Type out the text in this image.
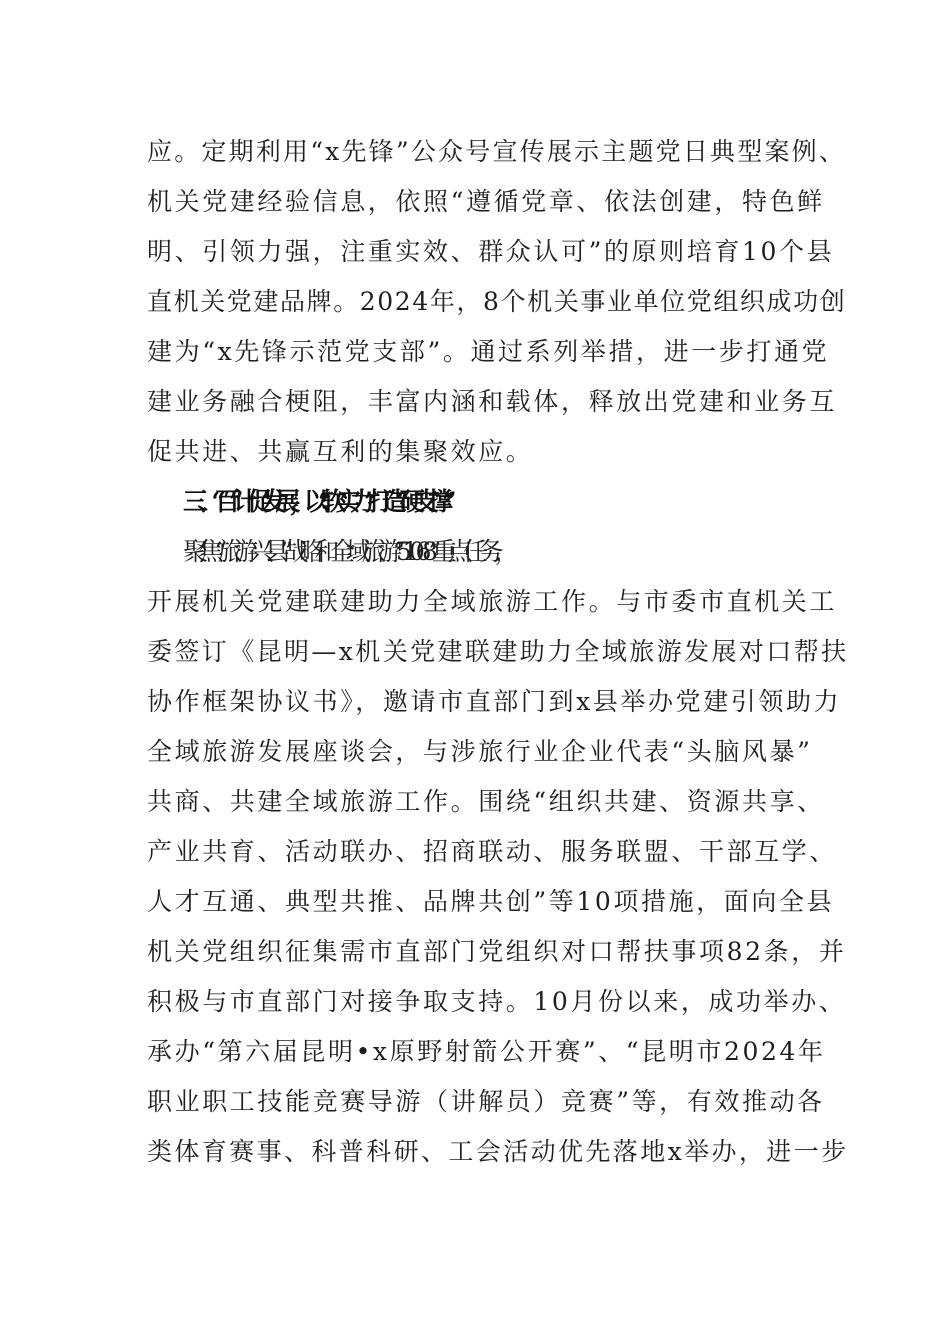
应。定期利用“x先锋”公众号宣传展示主题党日典型案例、
机关党建经验信息，依照“遵循党章、依法创建，特色鲜
明、引领力强，注重实效、群众认可”的原则培育10个县
直机关党建品牌。2024年，8个机关事业单位党组织成功创
建为“x先锋示范党支部”。通过系列举措，进一步打通党
建业务融合梗阻，丰富内涵和载体，释放出党建和业务互
促共进、共赢互利的集聚效应。
三、“百”计促发展，以“软实力”打造“硬支撑”
聚焦“旅游兴县”战略和全域旅游“51068”重点任务，
开展机关党建联建助力全域旅游工作。与市委市直机关工
委签订《昆明—x机关党建联建助力全域旅游发展对口帮扶
协作框架协议书》，邀请市直部门到x县举办党建引领助力
全域旅游发展座谈会，与涉旅行业企业代表“头脑风暴”
共商、共建全域旅游工作。围绕“组织共建、资源共享、
产业共育、活动联办、招商联动、服务联盟、干部互学、
人才互通、典型共推、品牌共创”等10项措施，面向全县
机关党组织征集需市直部门党组织对口帮扶事项82条，并
积极与市直部门对接争取支持。10月份以来，成功举办、
承办“第六届昆明•x原野射箭公开赛”、“昆明市2024年
职业职工技能竞赛导游（讲解员）竞赛”等，有效推动各
类体育赛事、科普科研、工会活动优先落地x举办，进一步
